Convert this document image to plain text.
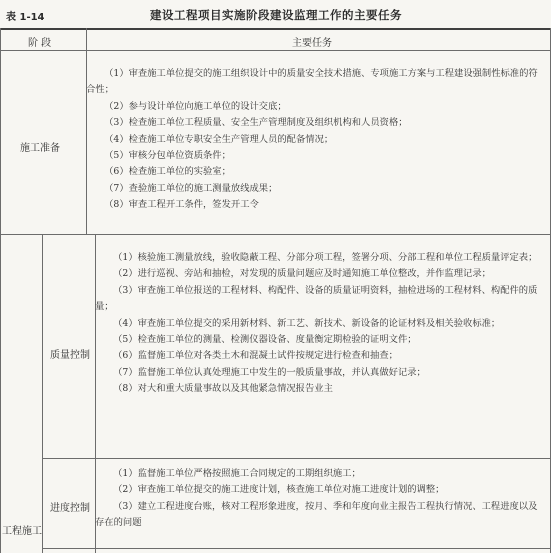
表 1-14	建设工程项目实施阶段建设监理工作的主要任务
阶 段	主要任务
施工准备
质量控制
进度控制
工程施工

（1）审查施工单位提交的施工组织设计中的质量安全技术措施、专项施工方案与工程建设强制性标准的符合性；

（2）参与设计单位向施工单位的设计交底；

（3）检查施工单位工程质量、安全生产管理制度及组织机构和人员资格；

（4）检查施工单位专职安全生产管理人员的配备情况；

（5）审核分包单位资质条件；

（6）检查施工单位的实验室；

（7）查验施工单位的施工测量放线成果；

（8）审查工程开工条件，签发开工令

（1）核验施工测量放线，验收隐蔽工程、分部分项工程，签署分项、分部工程和单位工程质量评定表；

（2）进行巡视、旁站和抽检，对发现的质量问题应及时通知施工单位整改，并作监理记录；

（3）审查施工单位报送的工程材料、构配件、设备的质量证明资料，抽检进场的工程材料、构配件的质量；

（4）审查施工单位提交的采用新材料、新工艺、新技术、新设备的论证材料及相关验收标准；

（5）检查施工单位的测量、检测仪器设备、度量衡定期检验的证明文件；

（6）监督施工单位对各类土木和混凝土试件按规定进行检查和抽查；

（7）监督施工单位认真处理施工中发生的一般质量事故，并认真做好记录；

（8）对大和重大质量事故以及其他紧急情况报告业主

（1）监督施工单位严格按照施工合同规定的工期组织施工；

（2）审查施工单位提交的施工进度计划，核查施工单位对施工进度计划的调整；

（3）建立工程进度台账，核对工程形象进度，按月、季和年度向业主报告工程执行情况、工程进度以及存在的问题
